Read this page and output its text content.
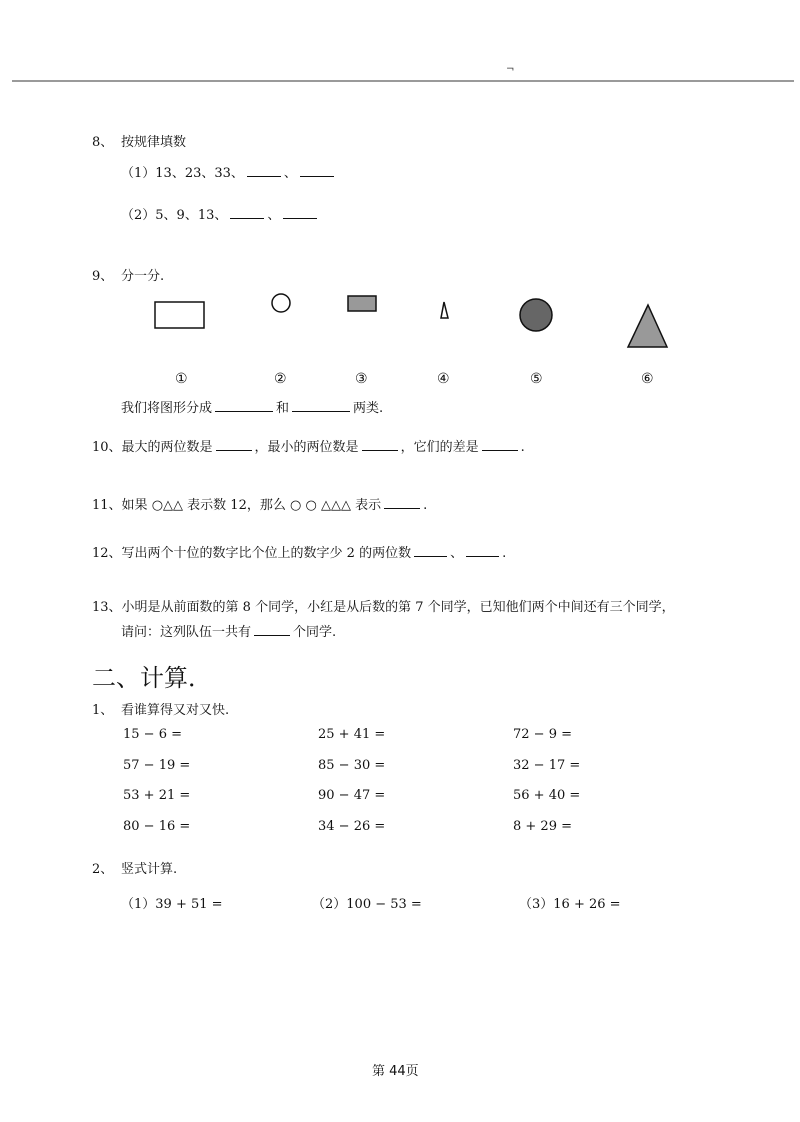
¬
8、 按规律填数
（1）13、23、33、	、
（2）5、9、13、	、
9、 分一分.
①	②	③	④	⑤	⑥
我们将图形分成	和	两类.
10、最大的两位数是	，最小的两位数是	，它们的差是	.
11、如果 ○△△ 表示数 12，那么 ○ ○ △△△ 表示	.
12、写出两个十位的数字比个位上的数字少 2 的两位数	、	.
13、小明是从前面数的第 8 个同学，小红是从后数的第 7 个同学，已知他们两个中间还有三个同学，
请问：这列队伍一共有	个同学.
二、计算．
1、 看谁算得又对又快.
15 − 6 =	25 + 41 =	72 − 9 =
57 − 19 =	85 − 30 =	32 − 17 =
53 + 21 =	90 − 47 =	56 + 40 =
80 − 16 =	34 − 26 =	8 + 29 =
2、 竖式计算.
（1）39 + 51 =	（2）100 − 53 =	（3）16 + 26 =
第 44页
